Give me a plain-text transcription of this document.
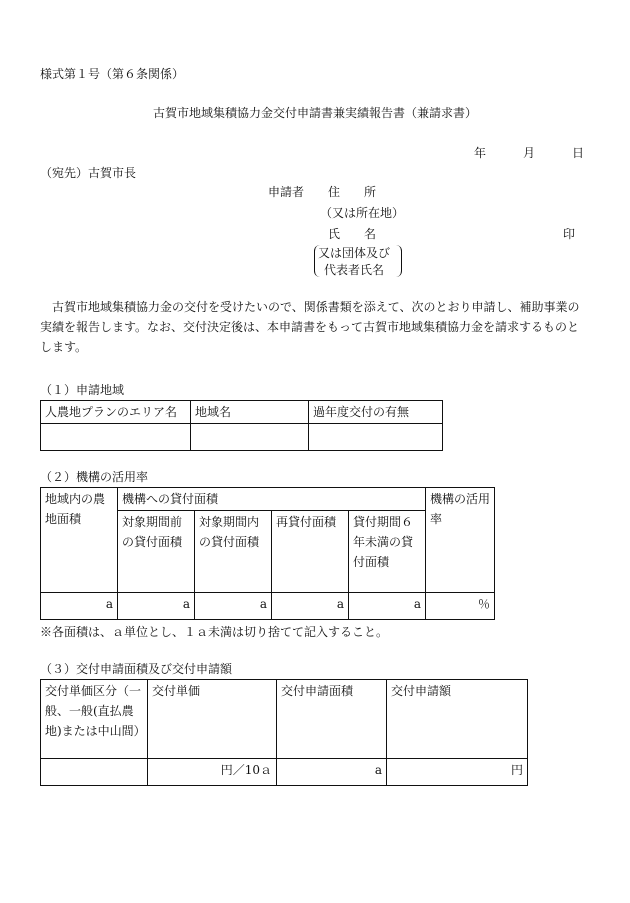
様式第１号（第６条関係）
古賀市地域集積協力金交付申請書兼実績報告書（兼請求書）
年	月	日
（宛先）古賀市長
申請者 住　　所
（又は所在地）
氏　　名	印
又は団体及び
代表者氏名
古賀市地域集積協力金の交付を受けたいので、関係書類を添えて、次のとおり申請し、補助事業の実績を報告します。なお、交付決定後は、本申請書をもって古賀市地域集積協力金を請求するものとします。
（１）申請地域
人農地プランのエリア名	地域名	過年度交付の有無

（２）機構の活用率
地域内の農地面積	機構への貸付面積				機構の活用率
	対象期間前の貸付面積	対象期間内の貸付面積	再貸付面積	貸付期間６年未満の貸付面積	
a	a	a	a	a	％
※各面積は、ａ単位とし、１ａ未満は切り捨てて記入すること。
（３）交付申請面積及び交付申請額
交付単価区分（一般、一般(直払農地)または中山間）	交付単価	交付申請面積	交付申請額
	円／10ａ	a	円
